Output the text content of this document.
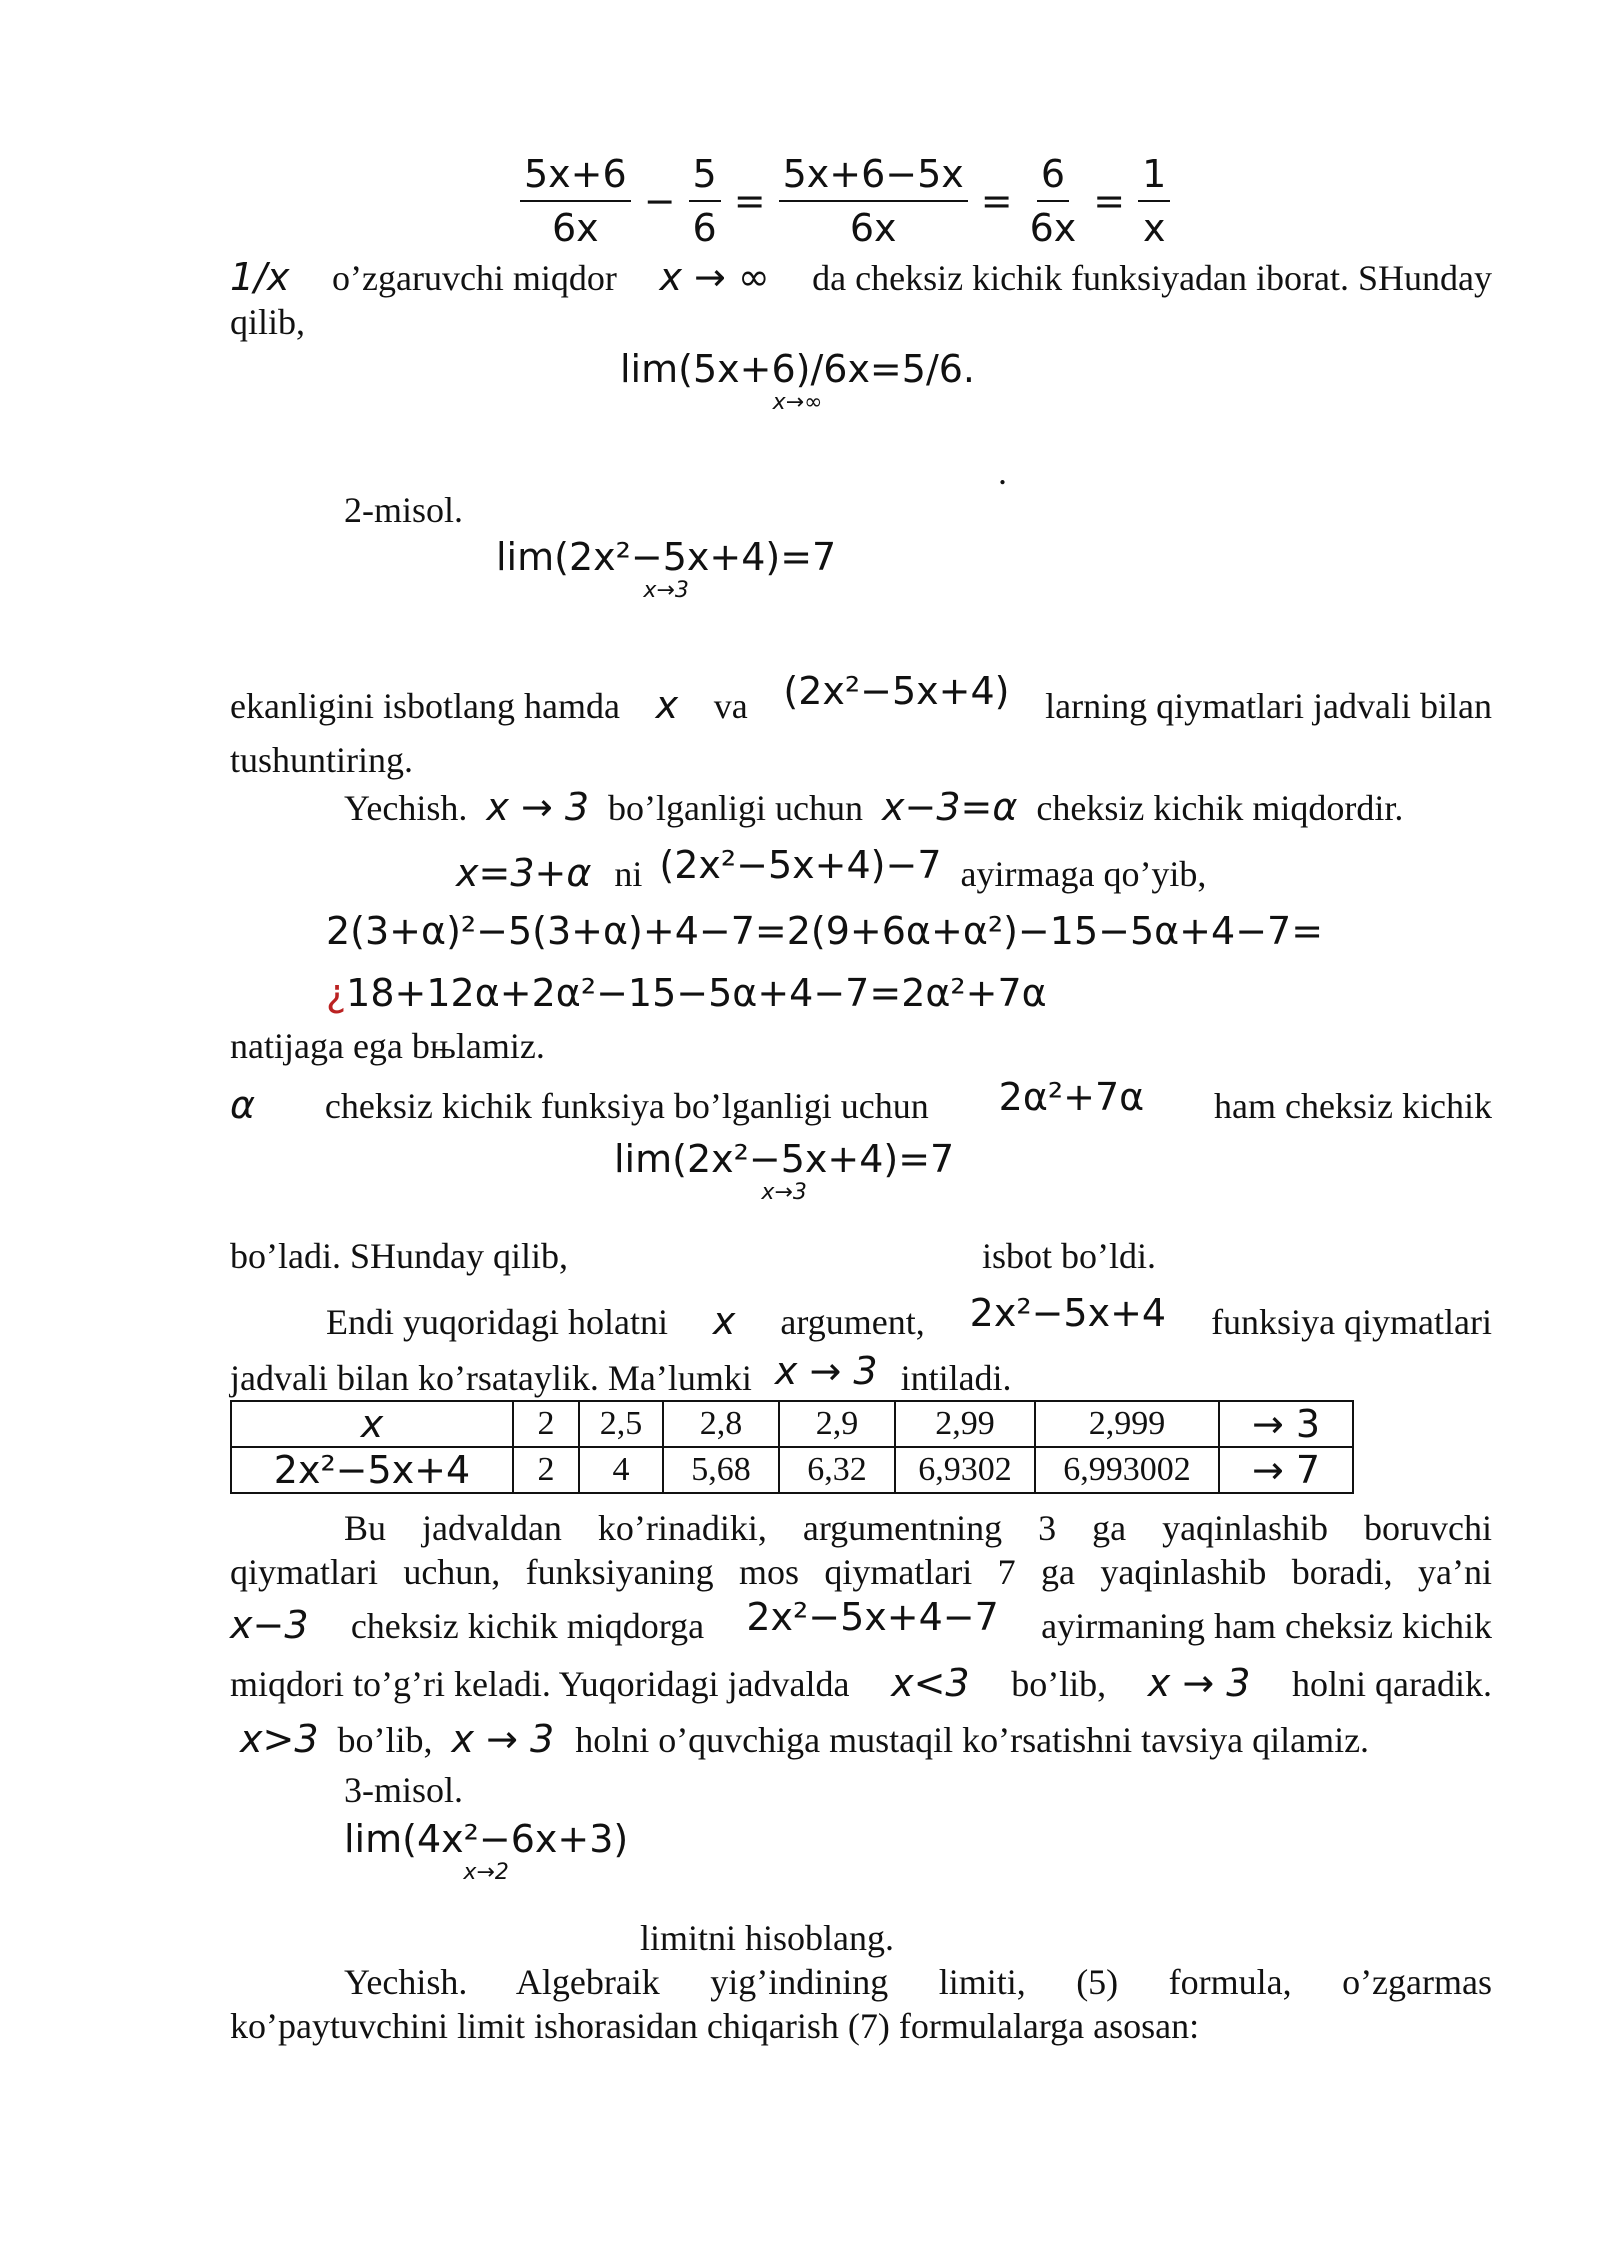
$\frac{5x+6}{6x} - \frac{5}{6} = \frac{5x+6-5x}{6x} = \frac{6}{6x} = \frac{1}{x}$
1/x o’zgaruvchi miqdor x → ∞ da cheksiz kichik funksiyadan iborat. SHunday
qilib,
lim(5x+6)/6x=5/6.
x→∞
.
2-misol.
lim(2x²−5x+4)=7
x→3
ekanligini isbotlang hamda x va (2x²−5x+4) larning qiymatlari jadvali bilan
tushuntiring.
Yechish. x → 3 bo’lganligi uchun x−3=α cheksiz kichik miqdordir.
x=3+α ni (2x²−5x+4)−7 ayirmaga qo’yib,
2(3+α)²−5(3+α)+4−7=2(9+6α+α²)−15−5α+4−7=
¿18+12α+2α²−15−5α+4−7=2α²+7α
natijaga ega bњlamiz.
α cheksiz kichik funksiya bo’lganligi uchun 2α²+7α ham cheksiz kichik
lim(2x²−5x+4)=7
x→3
bo’ladi. SHunday qilib,	isbot bo’ldi.
Endi yuqoridagi holatni x argument, 2x²−5x+4 funksiya qiymatlari
jadvali bilan ko’rsataylik. Ma’lumki x → 3 intiladi.
x	2	2,5	2,8	2,9	2,99	2,999	→ 3
2x²−5x+4	2	4	5,68	6,32	6,9302	6,993002	→ 7
Bu jadvaldan ko’rinadiki, argumentning 3 ga yaqinlashib boruvchi
qiymatlari uchun, funksiyaning mos qiymatlari 7 ga yaqinlashib boradi, ya’ni
x−3 cheksiz kichik miqdorga 2x²−5x+4−7 ayirmaning ham cheksiz kichik
miqdori to’g’ri keladi. Yuqoridagi jadvalda x<3 bo’lib, x → 3 holni qaradik.
x>3 bo’lib, x → 3 holni o’quvchiga mustaqil ko’rsatishni tavsiya qilamiz.
3-misol.
lim(4x²−6x+3)
x→2
limitni hisoblang.
Yechish. Algebraik yig’indining limiti, (5) formula, o’zgarmas
ko’paytuvchini limit ishorasidan chiqarish (7) formulalarga asosan:
